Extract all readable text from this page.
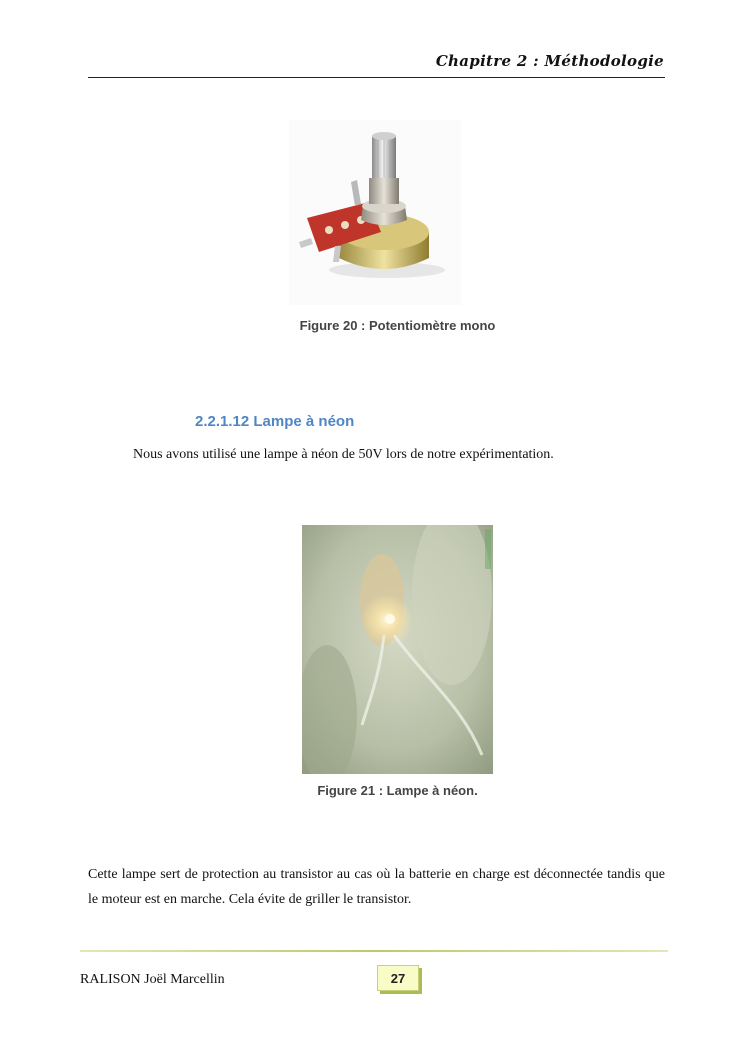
Chapitre 2 : Méthodologie
Figure 20 : Potentiomètre mono
2.2.1.12 Lampe à néon
Nous avons utilisé une lampe à néon de 50V lors de notre expérimentation.
Figure 21 : Lampe à néon.
Cette lampe sert de protection au transistor au cas où la batterie en charge est déconnectée tandis que le moteur est en marche. Cela évite de griller le transistor.
RALISON Joël Marcellin	27
